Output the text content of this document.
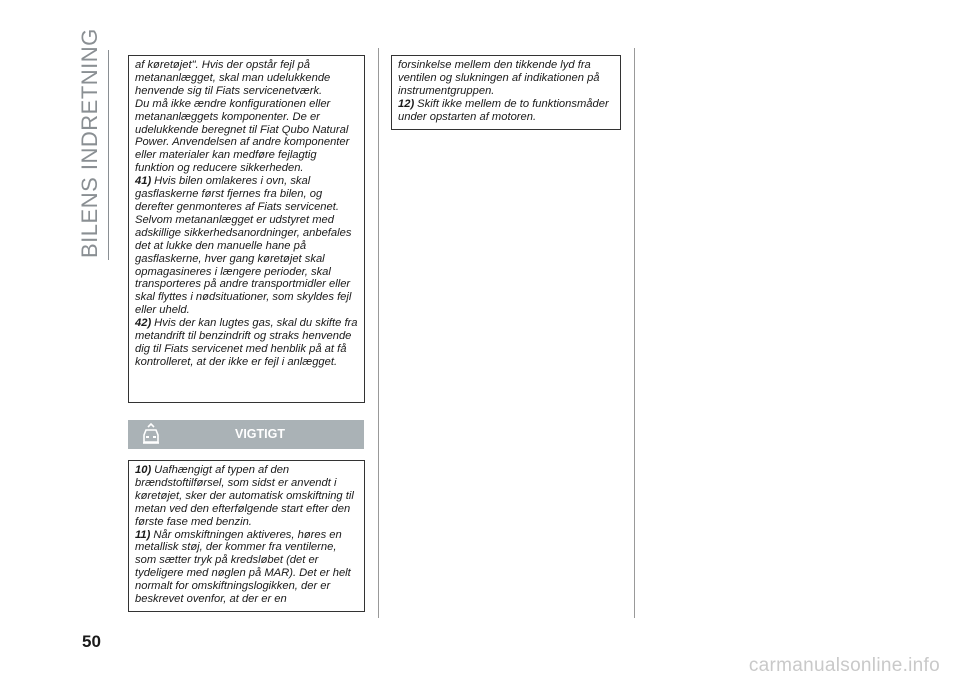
BILENS INDRETNING	af køretøjet". Hvis der opstår fejl på metananlægget, skal man udelukkende henvende sig til Fiats servicenetværk.

Du må ikke ændre konfigurationen eller metananlæggets komponenter. De er udelukkende beregnet til Fiat Qubo Natural Power. Anvendelsen af andre komponenter eller materialer kan medføre fejlagtig funktion og reducere sikkerheden.

41) Hvis bilen omlakeres i ovn, skal gasflaskerne først fjernes fra bilen, og derefter genmonteres af Fiats servicenet. Selvom metananlægget er udstyret med adskillige sikkerhedsanordninger, anbefales det at lukke den manuelle hane på gasflaskerne, hver gang køretøjet skal opmagasineres i længere perioder, skal transporteres på andre transportmidler eller skal flyttes i nødsituationer, som skyldes fejl eller uheld.

42) Hvis der kan lugtes gas, skal du skifte fra metandrift til benzindrift og straks henvende dig til Fiats servicenet med henblik på at få kontrolleret, at der ikke er fejl i anlægget.

VIGTIGT

10) Uafhængigt af typen af den brændstoftilførsel, som sidst er anvendt i køretøjet, sker der automatisk omskiftning til metan ved den efterfølgende start efter den første fase med benzin.

11) Når omskiftningen aktiveres, høres en metallisk støj, der kommer fra ventilerne, som sætter tryk på kredsløbet (det er tydeligere med nøglen på MAR). Det er helt normalt for omskiftningslogikken, der er beskrevet ovenfor, at der er en

forsinkelse mellem den tikkende lyd fra ventilen og slukningen af indikationen på instrumentgruppen.

12) Skift ikke mellem de to funktionsmåder under opstarten af motoren.

50
carmanualsonline.info
